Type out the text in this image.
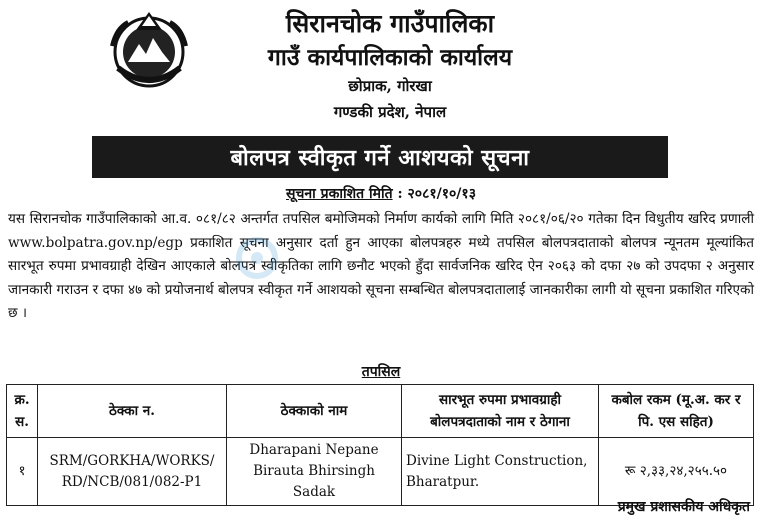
सिरानचोक गाउँपालिका
गाउँ कार्यपालिकाको कार्यालय
छोप्राक, गोरखा
गण्डकी प्रदेश, नेपाल
बोलपत्र स्वीकृत गर्ने आशयको सूचना
सूचना प्रकाशित मिति : २०८१/१०/१३
यस सिरानचोक गाउँपालिकाको आ.व. ०८१/८२ अन्तर्गत तपसिल बमोजिमको निर्माण कार्यको लागि मिति २०८१/०६/२० गतेका दिन विधुतीय खरिद प्रणाली www.bolpatra.gov.np/egp प्रकाशित सूचना अनुसार दर्ता हुन आएका बोलपत्रहरु मध्ये तपसिल बोलपत्रदाताको बोलपत्र न्यूनतम मूल्यांकित सारभूत रुपमा प्रभावग्राही देखिन आएकाले बोलपत्र स्वीकृतिका लागि छनौट भएको हुँदा सार्वजनिक खरिद ऐन २०६३ को दफा २७ को उपदफा २ अनुसार जानकारी गराउन र दफा ४७ को प्रयोजनार्थ बोलपत्र स्वीकृत गर्ने आशयको सूचना सम्बन्धित बोलपत्रदातालाई जानकारीका लागी यो सूचना प्रकाशित गरिएको छ ।
तपसिल
क्र. स.	ठेक्का न.	ठेक्काको नाम	सारभूत रुपमा प्रभावग्राही बोलपत्रदाताको नाम र ठेगाना	कबोल रकम (मू.अ. कर र पि. एस सहित)
१	SRM/GORKHA/WORKS/ RD/NCB/081/082-P1	Dharapani Nepane Birauta Bhirsingh Sadak	Divine Light Construction, Bharatpur.	रू २,३३,२४,२५५.५०
प्रमुख प्रशासकीय अधिकृत
